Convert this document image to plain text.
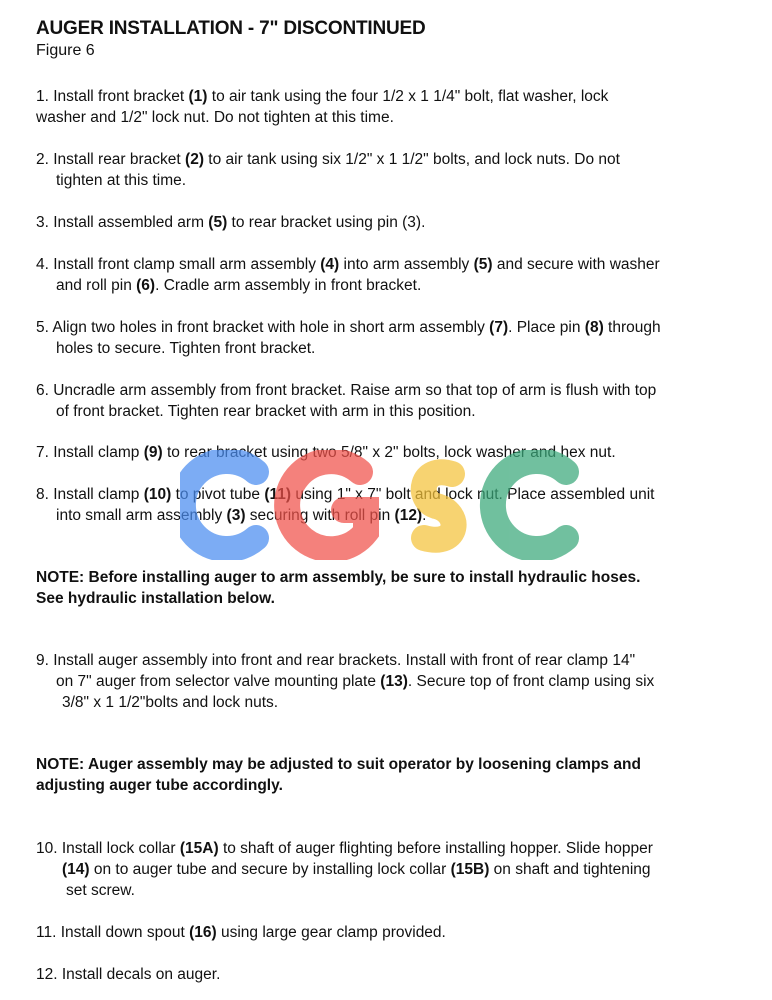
AUGER INSTALLATION - 7" DISCONTINUED
Figure 6
1. Install front bracket (1) to air tank using the four 1/2 x 1 1/4" bolt, flat washer, lock
washer and 1/2" lock nut. Do not tighten at this time.
2. Install rear bracket (2) to air tank using six 1/2" x 1 1/2" bolts, and lock nuts. Do not
tighten at this time.
3. Install assembled arm (5) to rear bracket using pin (3).
4. Install front clamp small arm assembly (4) into arm assembly (5) and secure with washer
and roll pin (6). Cradle arm assembly in front bracket.
5. Align two holes in front bracket with hole in short arm assembly (7). Place pin (8) through
holes to secure. Tighten front bracket.
6. Uncradle arm assembly from front bracket. Raise arm so that top of arm is flush with top
of front bracket. Tighten rear bracket with arm in this position.
7. Install clamp (9) to rear bracket using two 5/8" x 2" bolts, lock washer and hex nut.
8. Install clamp (10) to pivot tube (11) using 1" x 7" bolt and lock nut. Place assembled unit
into small arm assembly (3) securing with roll pin (12).
NOTE: Before installing auger to arm assembly, be sure to install hydraulic hoses.
See hydraulic installation below.
9. Install auger assembly into front and rear brackets. Install with front of rear clamp 14"
on 7" auger from selector valve mounting plate (13). Secure top of front clamp using six
3/8" x 1 1/2"bolts and lock nuts.
NOTE: Auger assembly may be adjusted to suit operator by loosening clamps and
adjusting auger tube accordingly.
10. Install lock collar (15A) to shaft of auger flighting before installing hopper. Slide hopper
(14) on to auger tube and secure by installing lock collar (15B) on shaft and tightening
set screw.
11. Install down spout (16) using large gear clamp provided.
12. Install decals on auger.
